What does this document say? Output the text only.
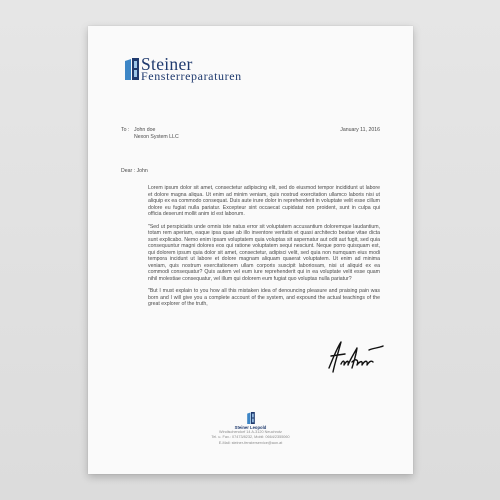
Steiner
Fensterreparaturen
To : John doe
Nexon System LLC
January 11, 2016
Dear : John

Lorem ipsum dolor sit amet, consectetur adipiscing elit, sed do eiusmod tempor incididunt ut labore et dolore magna aliqua. Ut enim ad minim veniam, quis nostrud exercitation ullamco laboris nisi ut aliquip ex ea commodo consequat. Duis aute irure dolor in reprehenderit in voluptate velit esse cillum dolore eu fugiat nulla pariatur. Excepteur sint occaecat cupidatat non proident, sunt in culpa qui officia deserunt mollit anim id est laborum.

"Sed ut perspiciatis unde omnis iste natus error sit voluptatem accusantium doloremque laudantium, totam rem aperiam, eaque ipsa quae ab illo inventore veritatis et quasi architecto beatae vitae dicta sunt explicabo. Nemo enim ipsam voluptatem quia voluptas sit aspernatur aut odit aut fugit, sed quia consequuntur magni dolores eos qui ratione voluptatem sequi nesciunt. Neque porro quisquam est, qui dolorem ipsum quia dolor sit amet, consectetur, adipisci velit, sed quia non numquam eius modi tempora incidunt ut labore et dolore magnam aliquam quaerat voluptatem. Ut enim ad minima veniam, quis nostrum exercitationem ullam corporis suscipit laboriosam, nisi ut aliquid ex ea commodi consequatur? Quis autem vel eum iure reprehenderit qui in ea voluptate velit esse quam nihil molestiae consequatur, vel illum qui dolorem eum fugiat quo voluptas nulla pariatur?

"But I must explain to you how all this mistaken idea of denouncing pleasure and praising pain was born and I will give you a complete account of the system, and expound the actual teachings of the great explorer of the truth,

Steiner Leopold
Windischendorf 14 A-3120 Neuchrotz
Tel. u. Fax.: 07473/8232, Mobil: 0664/2355060
E-Mail: steiner-fensterservice@aon.at
